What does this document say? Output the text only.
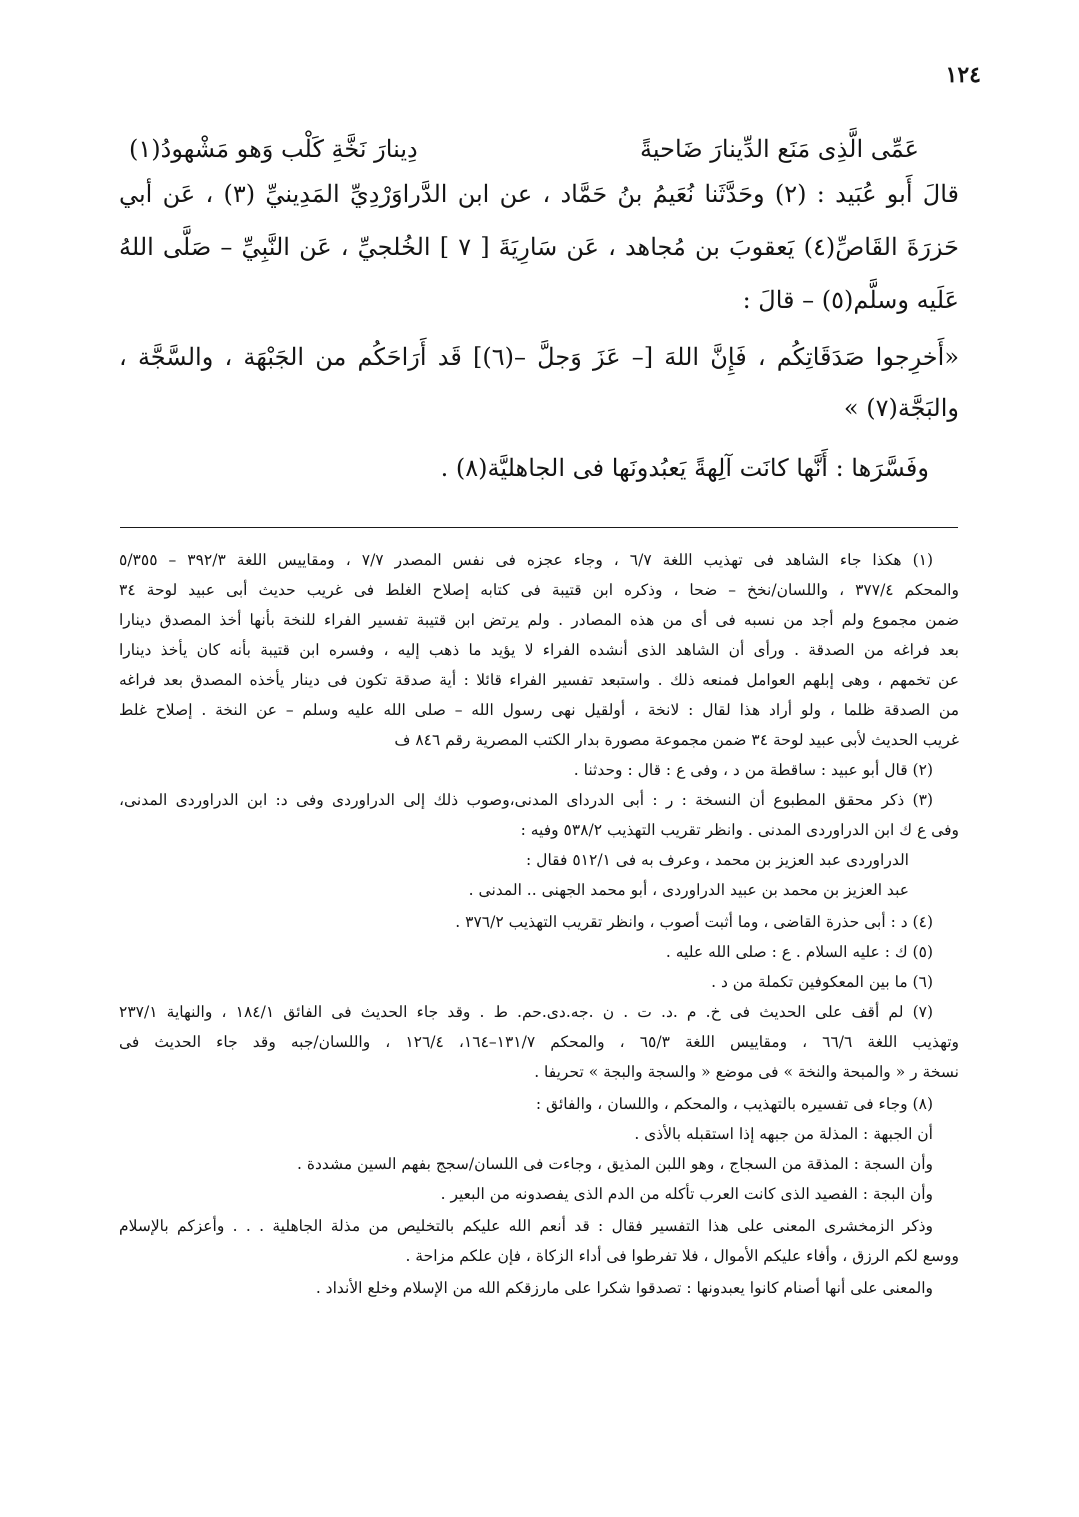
١٢٤
عَمِّى الَّذِى مَنَع الدِّينارَ ضَاحيةً
دِينارَ نَخَّةِ كَلْب وَهو مَشْهودُ(١)
قالَ أَبو عُبَيد : (٢) وحَدَّثَنا نُعَيمُ بنُ حَمَّاد ، عن ابن الدَّراوَرْدِيِّ المَدِينيِّ (٣) ، عَن أبي
حَزرَةَ القَاصِّ(٤) يَعقوبَ بن مُجاهد ، عَن سَارِيَةَ [ ٧ ] الخُلجيِّ ، عَن النَّبِيِّ – صَلَّى اللهُ
عَلَيه وسلَّم(٥) – قالَ :
«أَخرِجوا صَدَقَاتِكُم ، فَإِنَّ اللهَ [– عَزَ وَجلَّ –(٦)] قَد أَرَاحَكُم من الجَبْهَة ، والسَّجَّة ،
والبَجَّة(٧) »
وفَسَّرَها : أَنَّها كانَت آلِهةً يَعبُدونَها فى الجاهليَّة(٨) .
(١) هكذا جاء الشاهد فى تهذيب اللغة ٦/٧ ، وجاء عجزه فى نفس المصدر ٧/٧ ، ومقاييس اللغة ٣٩٢/٣ – ٥/٣٥٥
والمحكم ٣٧٧/٤ ، واللسان/نخخ – ضحا ، وذكره ابن قتيبة فى كتابه إصلاح الغلط فى غريب حديث أبى عبيد لوحة ٣٤
ضمن مجموع ولم أجد من نسبه فى أى من هذه المصادر . ولم يرتض ابن قتيبة تفسير الفراء للنخة بأنها أخذ المصدق دينارا
بعد فراغه من الصدقة . ورأى أن الشاهد الذى أنشده الفراء لا يؤيد ما ذهب إليه ، وفسره ابن قتيبة بأنه كان يأخذ دينارا
عن تخمهم ، وهى إبلهم العوامل فمنعه ذلك . واستبعد تفسير الفراء قائلا : أية صدقة تكون فى دينار يأخذه المصدق بعد فراغه
من الصدقة ظلما ، ولو أراد هذا لقال : لانخة ، أولقيل نهى رسول الله – صلى الله عليه وسلم – عن النخة . إصلاح غلط
غريب الحديث لأبى عبيد لوحة ٣٤ ضمن مجموعة مصورة بدار الكتب المصرية رقم ٨٤٦ ف
(٢) قال أبو عبيد : ساقطة من د ، وفى ع : قال : وحدثنا .
(٣) ذكر محقق المطبوع أن النسخة : ر : أبى الدردای المدنی،وصوب ذلك إلى الدراوردى وفى د: ابن الدراوردى المدنى،
وفى ع ك ابن الدراوردى المدنى . وانظر تقريب التهذيب ٥٣٨/٢ وفيه :
الدراوردى عبد العزيز بن محمد ، وعرف به فى ٥١٢/١ فقال :
عبد العزيز بن محمد بن عبيد الدراوردى ، أبو محمد الجهنى .. المدنى .
(٤) د : أبى حذرة القاضى ، وما أثبت أصوب ، وانظر تقريب التهذيب ٣٧٦/٢ .
(٥) ك : عليه السلام . ع : صلى الله عليه .
(٦) ما بين المعكوفين تكملة من د .
(٧) لم أقف على الحديث فى خ. م .د. ت . ن .جه.دى.حم. ط . وقد جاء الحديث فى الفائق ١٨٤/١ ، والنهاية ٢٣٧/١
وتهذيب اللغة ٦٦/٦ ، ومقاييس اللغة ٦٥/٣ ، والمحكم ١٣١/٧–١٦٤، ١٢٦/٤ ، واللسان/جبه وقد جاء الحديث فى
نسخة ر « والمبحة والنخة » فى موضع « والسجة والبجة » تحريفا .
(٨) وجاء فى تفسيره بالتهذيب ، والمحكم ، واللسان ، والفائق :
أن الجبهة : المذلة من جبهه إذا استقبله بالأذى .
وأن السجة : المذقة من السجاج ، وهو اللبن المذيق ، وجاءت فى اللسان/سجج بفهم السين مشددة .
وأن البجة : الفصيد الذى كانت العرب تأكله من الدم الذى يفصدونه من البعير .
وذكر الزمخشرى المعنى على هذا التفسير فقال : قد أنعم الله عليكم بالتخليص من مذلة الجاهلية . . . وأعزكم بالإسلام
ووسع لكم الرزق ، وأفاء عليكم الأموال ، فلا تفرطوا فى أداء الزكاة ، فإن علكم مزاحة .
والمعنى على أنها أصنام كانوا يعبدونها : تصدقوا شكرا على مارزقكم الله من الإسلام وخلع الأنداد .
